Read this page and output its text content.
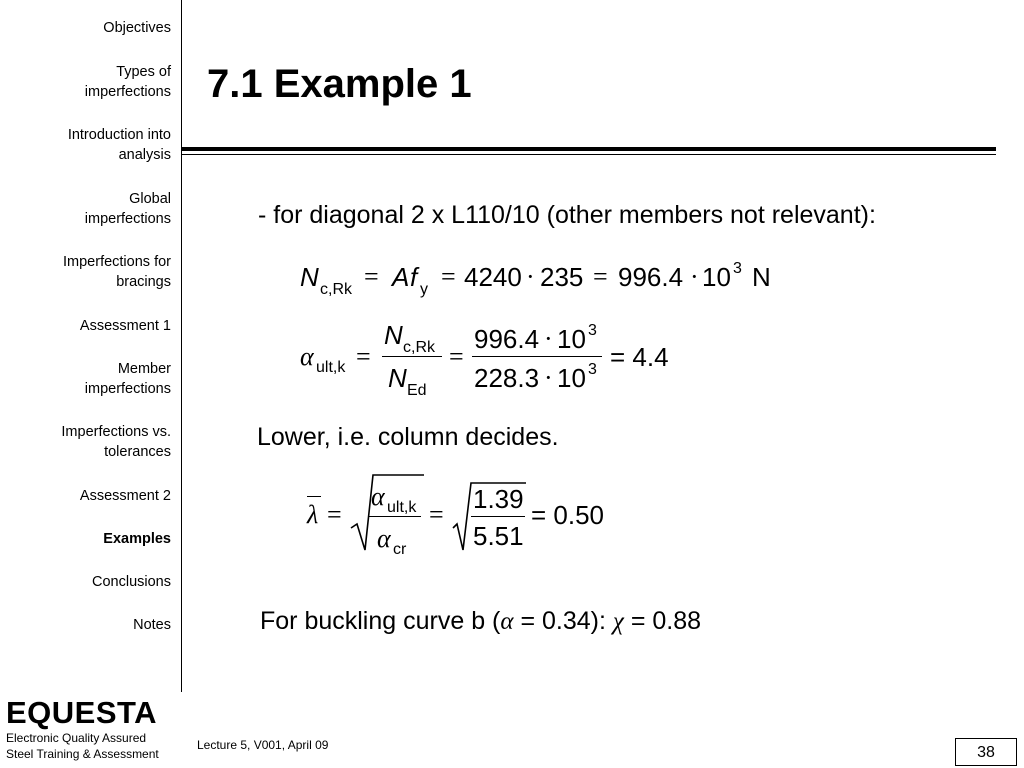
Objectives
Types of
imperfections
Introduction into
analysis
Global
imperfections
Imperfections for
bracings
Assessment 1
Member
imperfections
Imperfections vs.
tolerances
Assessment 2
Examples
Conclusions
Notes
EQUESTA
Electronic Quality Assured
Steel Training & Assessment
7.1 Example 1
- for diagonal 2 x L110/10 (other members not relevant):
N c,Rk = A f y = 4240 · 235 = 996.4 · 10 3 N
α ult,k =
N c,Rk
N Ed
=
996.4 · 10 3
228.3 · 10 3 = 4.4
Lower, i.e. column decides.
λ =
α ult,k
α cr
=
1.39
5.51
= 0.50
For buckling curve b (α = 0.34): χ = 0.88
Lecture 5, V001, April 09	38
